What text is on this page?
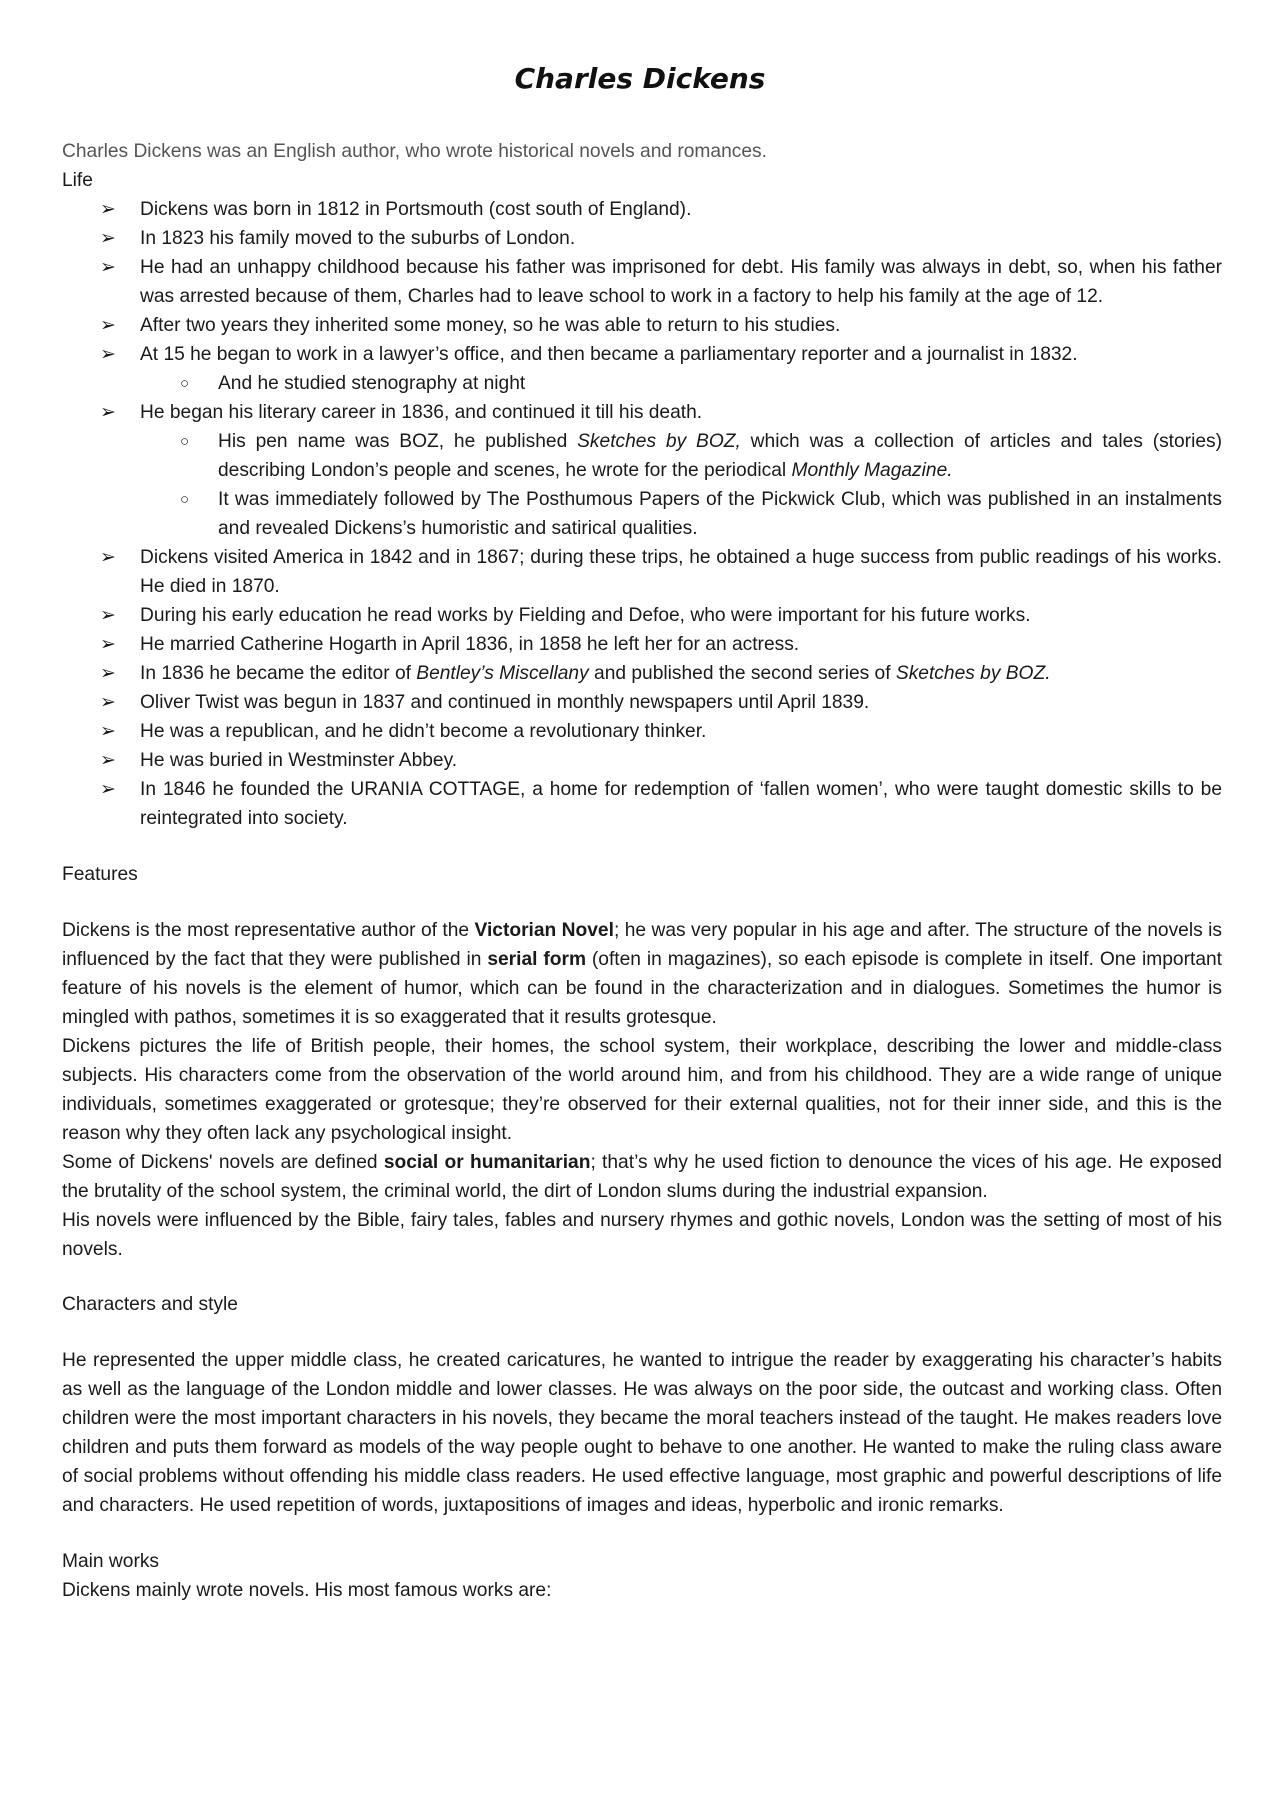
Charles Dickens

Charles Dickens was an English author, who wrote historical novels and romances.

Life

➢ Dickens was born in 1812 in Portsmouth (cost south of England).
➢ In 1823 his family moved to the suburbs of London.
➢ He had an unhappy childhood because his father was imprisoned for debt. His family was always in debt, so, when his father was arrested because of them, Charles had to leave school to work in a factory to help his family at the age of 12.
➢ After two years they inherited some money, so he was able to return to his studies.
➢ At 15 he began to work in a lawyer’s office, and then became a parliamentary reporter and a journalist in 1832.
○ And he studied stenography at night
➢ He began his literary career in 1836, and continued it till his death.
○ His pen name was BOZ, he published Sketches by BOZ, which was a collection of articles and tales (stories) describing London’s people and scenes, he wrote for the periodical Monthly Magazine.
○ It was immediately followed by The Posthumous Papers of the Pickwick Club, which was published in an instalments and revealed Dickens’s humoristic and satirical qualities.
➢ Dickens visited America in 1842 and in 1867; during these trips, he obtained a huge success from public readings of his works. He died in 1870.
➢ During his early education he read works by Fielding and Defoe, who were important for his future works.
➢ He married Catherine Hogarth in April 1836, in 1858 he left her for an actress.
➢ In 1836 he became the editor of Bentley’s Miscellany and published the second series of Sketches by BOZ.
➢ Oliver Twist was begun in 1837 and continued in monthly newspapers until April 1839.
➢ He was a republican, and he didn’t become a revolutionary thinker.
➢ He was buried in Westminster Abbey.
➢ In 1846 he founded the URANIA COTTAGE, a home for redemption of ‘fallen women’, who were taught domestic skills to be reintegrated into society.

Features

Dickens is the most representative author of the Victorian Novel; he was very popular in his age and after. The structure of the novels is influenced by the fact that they were published in serial form (often in magazines), so each episode is complete in itself. One important feature of his novels is the element of humor, which can be found in the characterization and in dialogues. Sometimes the humor is mingled with pathos, sometimes it is so exaggerated that it results grotesque.

Dickens pictures the life of British people, their homes, the school system, their workplace, describing the lower and middle-class subjects. His characters come from the observation of the world around him, and from his childhood. They are a wide range of unique individuals, sometimes exaggerated or grotesque; they’re observed for their external qualities, not for their inner side, and this is the reason why they often lack any psychological insight.

Some of Dickens' novels are defined social or humanitarian; that’s why he used fiction to denounce the vices of his age. He exposed the brutality of the school system, the criminal world, the dirt of London slums during the industrial expansion.

His novels were influenced by the Bible, fairy tales, fables and nursery rhymes and gothic novels, London was the setting of most of his novels.

Characters and style

He represented the upper middle class, he created caricatures, he wanted to intrigue the reader by exaggerating his character’s habits as well as the language of the London middle and lower classes. He was always on the poor side, the outcast and working class. Often children were the most important characters in his novels, they became the moral teachers instead of the taught. He makes readers love children and puts them forward as models of the way people ought to behave to one another. He wanted to make the ruling class aware of social problems without offending his middle class readers. He used effective language, most graphic and powerful descriptions of life and characters. He used repetition of words, juxtapositions of images and ideas, hyperbolic and ironic remarks.

Main works

Dickens mainly wrote novels. His most famous works are:
